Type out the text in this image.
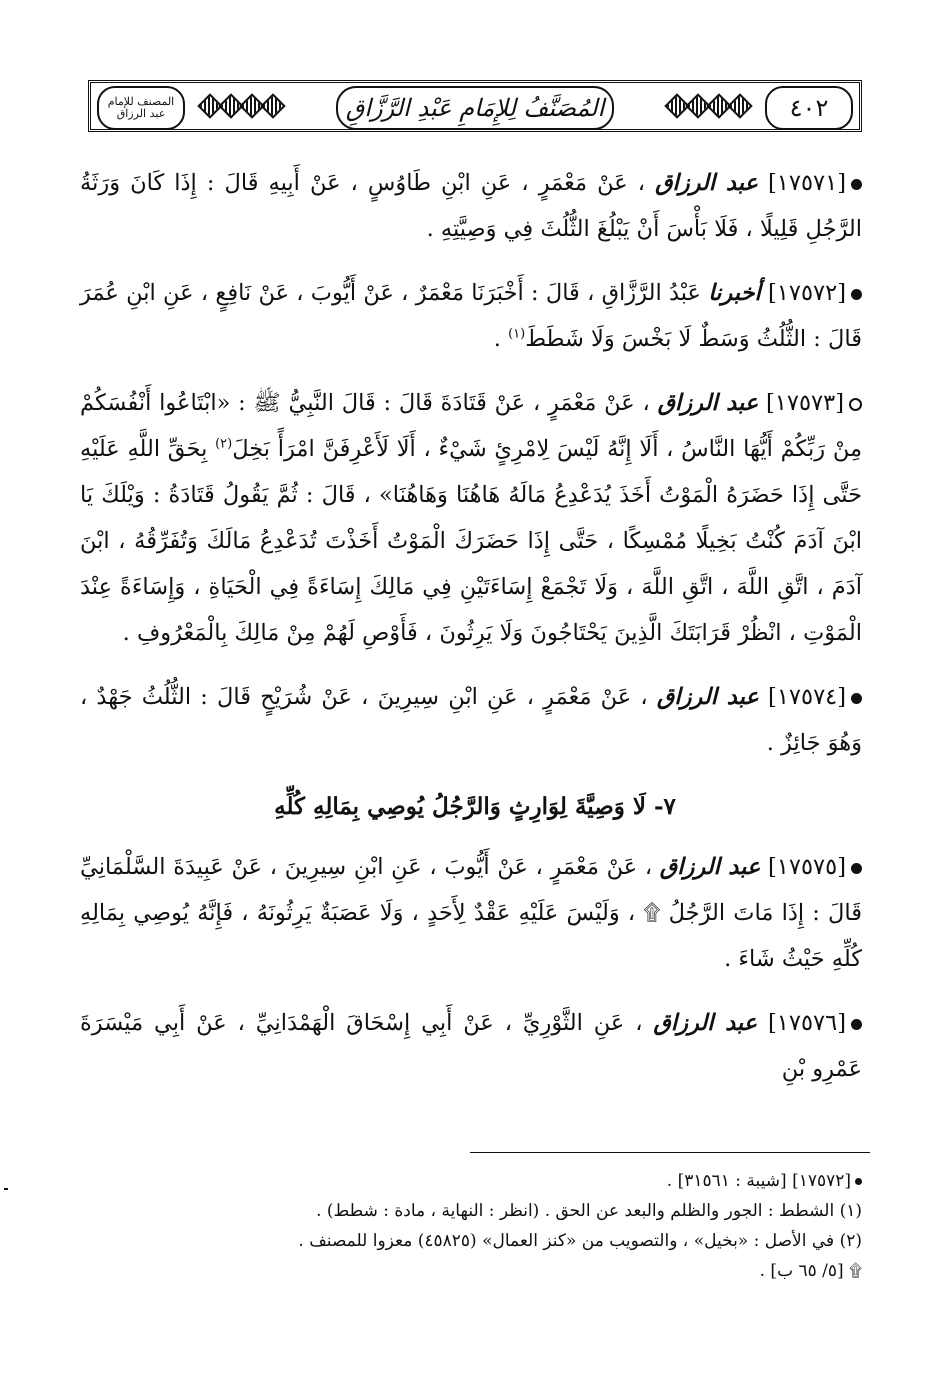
المصنف للإمام عبد الرزاق	المُصَنَّفُ لِلإِمَامِ عَبْدِ الرَّزَّاقِ	٤٠٢

[١٧٥٧١] عبد الرزاق ، عَنْ مَعْمَرٍ ، عَنِ ابْنِ طَاوُسٍ ، عَنْ أَبِيهِ قَالَ : إِذَا كَانَ وَرَثَةُ الرَّجُلِ قَلِيلًا ، فَلَا بَأْسَ أَنْ يَبْلُغَ الثُّلُثَ فِي وَصِيَّتِهِ .

[١٧٥٧٢] أخبرنا عَبْدُ الرَّزَّاقِ ، قَالَ : أَخْبَرَنَا مَعْمَرٌ ، عَنْ أَيُّوبَ ، عَنْ نَافِعٍ ، عَنِ ابْنِ عُمَرَ قَالَ : الثُّلُثُ وَسَطٌ لَا بَخْسَ وَلَا شَطَطَ$^{(١)}$ .

[١٧٥٧٣] عبد الرزاق ، عَنْ مَعْمَرٍ ، عَنْ قَتَادَةَ قَالَ : قَالَ النَّبِيُّ ﷺ : «ابْتَاعُوا أَنْفُسَكُمْ مِنْ رَبِّكُمْ أَيُّهَا النَّاسُ ، أَلَا إِنَّهُ لَيْسَ لِامْرِئٍ شَيْءٌ ، أَلَا لَأَعْرِفَنَّ امْرَأً بَخِلَ$^{(٢)}$ بِحَقِّ اللَّهِ عَلَيْهِ حَتَّى إِذَا حَضَرَهُ الْمَوْتُ أَخَذَ يُدَعْدِعُ مَالَهُ هَاهُنَا وَهَاهُنَا» ، قَالَ : ثُمَّ يَقُولُ قَتَادَةُ : وَيْلَكَ يَا ابْنَ آدَمَ كُنْتُ بَخِيلًا مُمْسِكًا ، حَتَّى إِذَا حَضَرَكَ الْمَوْتُ أَخَذْتَ تُدَعْدِعُ مَالَكَ وَتُفَرِّقُهُ ، ابْنَ آدَمَ ، اتَّقِ اللَّهَ ، اتَّقِ اللَّهَ ، وَلَا تَجْمَعْ إِسَاءَتَيْنِ فِي مَالِكَ إِسَاءَةً فِي الْحَيَاةِ ، وَإِسَاءَةً عِنْدَ الْمَوْتِ ، انْظُرْ قَرَابَتَكَ الَّذِينَ يَحْتَاجُونَ وَلَا يَرِثُونَ ، فَأَوْصِ لَهُمْ مِنْ مَالِكَ بِالْمَعْرُوفِ .

[١٧٥٧٤] عبد الرزاق ، عَنْ مَعْمَرٍ ، عَنِ ابْنِ سِيرِينَ ، عَنْ شُرَيْحٍ قَالَ : الثُّلُثُ جَهْدٌ ، وَهُوَ جَائِزٌ .

٧- لَا وَصِيَّةَ لِوَارِثٍ وَالرَّجُلُ يُوصِي بِمَالِهِ كُلِّهِ

[١٧٥٧٥] عبد الرزاق ، عَنْ مَعْمَرٍ ، عَنْ أَيُّوبَ ، عَنِ ابْنِ سِيرِينَ ، عَنْ عَبِيدَةَ السَّلْمَانِيِّ قَالَ : إِذَا مَاتَ الرَّجُلُ ۩ ، وَلَيْسَ عَلَيْهِ عَقْدٌ لِأَحَدٍ ، وَلَا عَصَبَةٌ يَرِثُونَهُ ، فَإِنَّهُ يُوصِي بِمَالِهِ كُلِّهِ حَيْثُ شَاءَ .

[١٧٥٧٦] عبد الرزاق ، عَنِ الثَّوْرِيِّ ، عَنْ أَبِي إِسْحَاقَ الْهَمْدَانِيِّ ، عَنْ أَبِي مَيْسَرَةَ عَمْرِو بْنِ

[١٧٥٧٢] [شيبة : ٣١٥٦١] .
(١) الشطط : الجور والظلم والبعد عن الحق . (انظر : النهاية ، مادة : شطط) .
(٢) في الأصل : «بخيل» ، والتصويب من «كنز العمال» (٤٥٨٢٥) معزوا للمصنف .
۩ [٥/ ٦٥ ب] .
